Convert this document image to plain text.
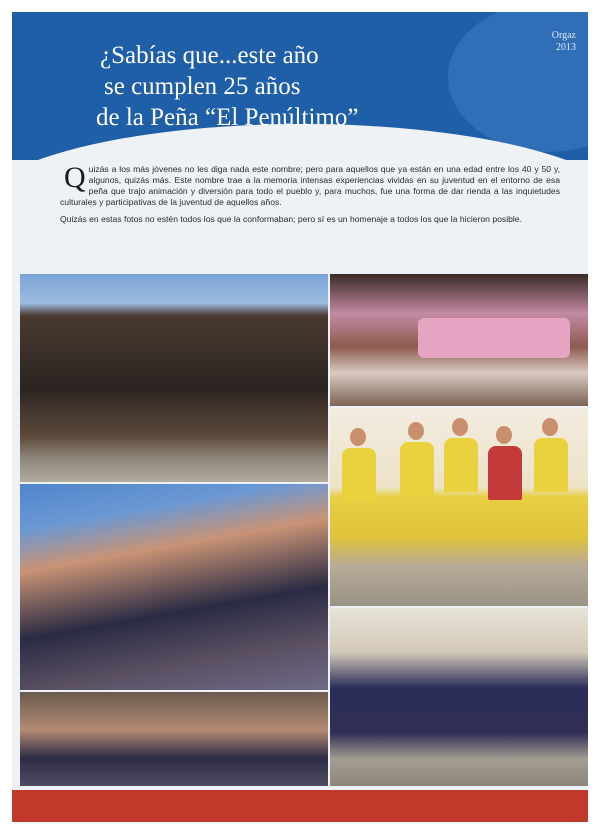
¿Sabías que...este año
se cumplen 25 años
de la Peña “El Penúltimo”
Orgaz
2013

Quizás a los más jóvenes no les diga nada este nombre; pero para aquellos que ya están en una edad entre los 40 y 50 y, algunos, quizás más. Este nombre trae a la memoria intensas experiencias vividas en su juventud en el entorno de esa peña que trajo animación y diversión para todo el pueblo y, para muchos, fue una forma de dar rienda a las inquietudes culturales y participativas de la juventud de aquellos años.

Quizás en estas fotos no estén todos los que la conformaban; pero sí es un homenaje a todos los que la hicieron posible.
